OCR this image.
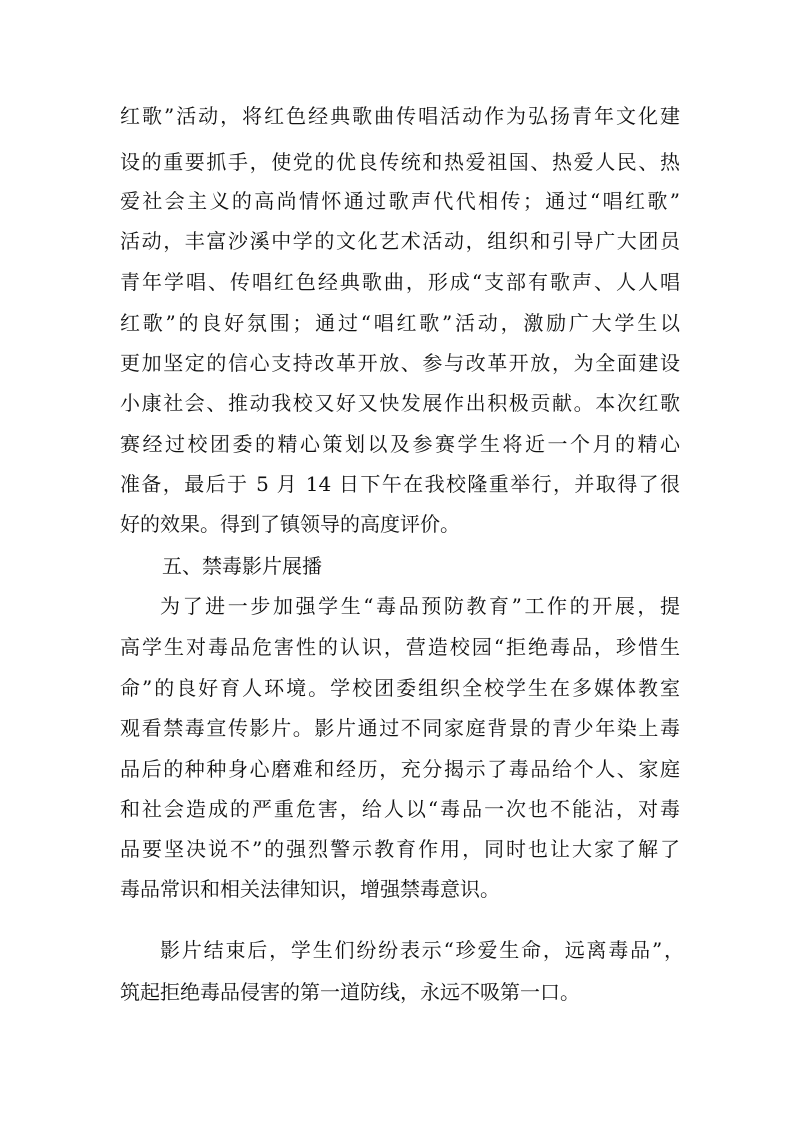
红歌”活动，将红色经典歌曲传唱活动作为弘扬青年文化建
设的重要抓手，使党的优良传统和热爱祖国、热爱人民、热
爱社会主义的高尚情怀通过歌声代代相传；通过“唱红歌”
活动，丰富沙溪中学的文化艺术活动，组织和引导广大团员
青年学唱、传唱红色经典歌曲，形成“支部有歌声、人人唱
红歌”的良好氛围；通过“唱红歌”活动，激励广大学生以
更加坚定的信心支持改革开放、参与改革开放，为全面建设
小康社会、推动我校又好又快发展作出积极贡献。本次红歌
赛经过校团委的精心策划以及参赛学生将近一个月的精心
准备，最后于 5 月 14 日下午在我校隆重举行，并取得了很
好的效果。得到了镇领导的高度评价。
五、禁毒影片展播
为了进一步加强学生“毒品预防教育”工作的开展，提
高学生对毒品危害性的认识，营造校园“拒绝毒品，珍惜生
命”的良好育人环境。学校团委组织全校学生在多媒体教室
观看禁毒宣传影片。影片通过不同家庭背景的青少年染上毒
品后的种种身心磨难和经历，充分揭示了毒品给个人、家庭
和社会造成的严重危害，给人以“毒品一次也不能沾，对毒
品要坚决说不”的强烈警示教育作用，同时也让大家了解了
毒品常识和相关法律知识，增强禁毒意识。
影片结束后，学生们纷纷表示“珍爱生命，远离毒品”，
筑起拒绝毒品侵害的第一道防线，永远不吸第一口。
